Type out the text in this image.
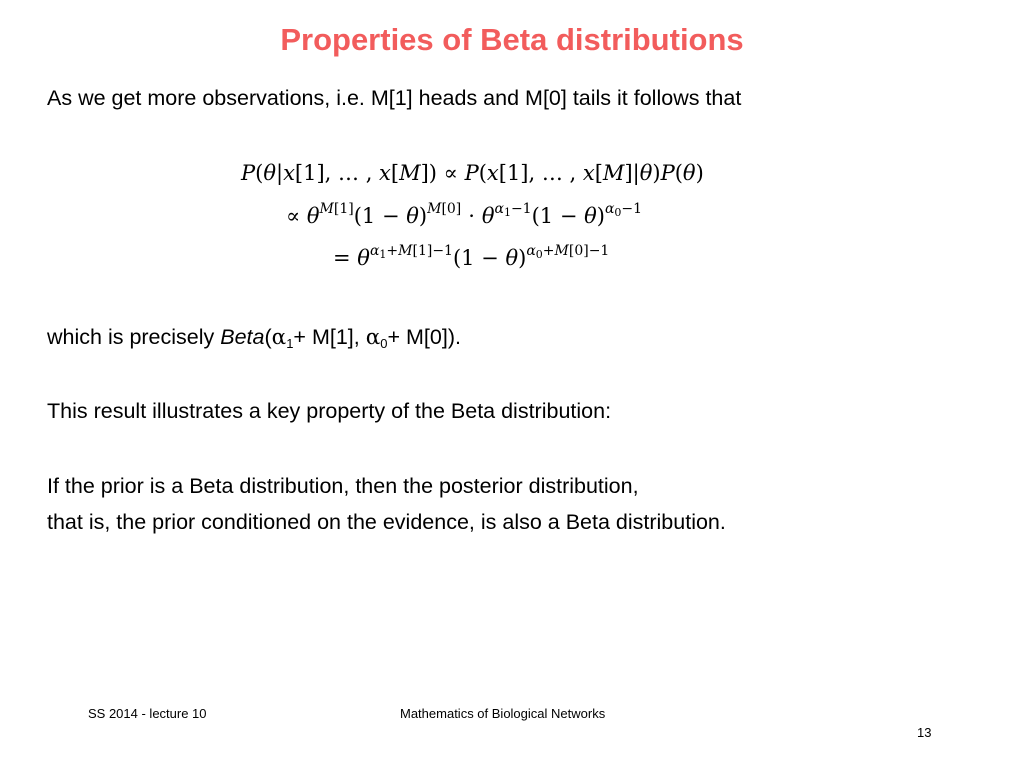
Properties of Beta distributions
As we get more observations, i.e. M[1] heads and M[0] tails it follows that
P(θ|x[1], … , x[M]) ∝ P(x[1], … , x[M]|θ)P(θ)
∝ $\theta^{M[1]}(1 - \theta)^{M[0]} \cdot \theta^{\alpha_1-1}(1 - \theta)^{\alpha_0-1}$
= $\theta^{\alpha_1+M[1]-1}(1 - \theta)^{\alpha_0+M[0]-1}$
which is precisely $Beta(\alpha_1+ M[1]$, $\alpha_0+ M[0]$).
This result illustrates a key property of the Beta distribution:
If the prior is a Beta distribution, then the posterior distribution,
that is, the prior conditioned on the evidence, is also a Beta distribution.
SS 2014 - lecture 10	Mathematics of Biological Networks
13
